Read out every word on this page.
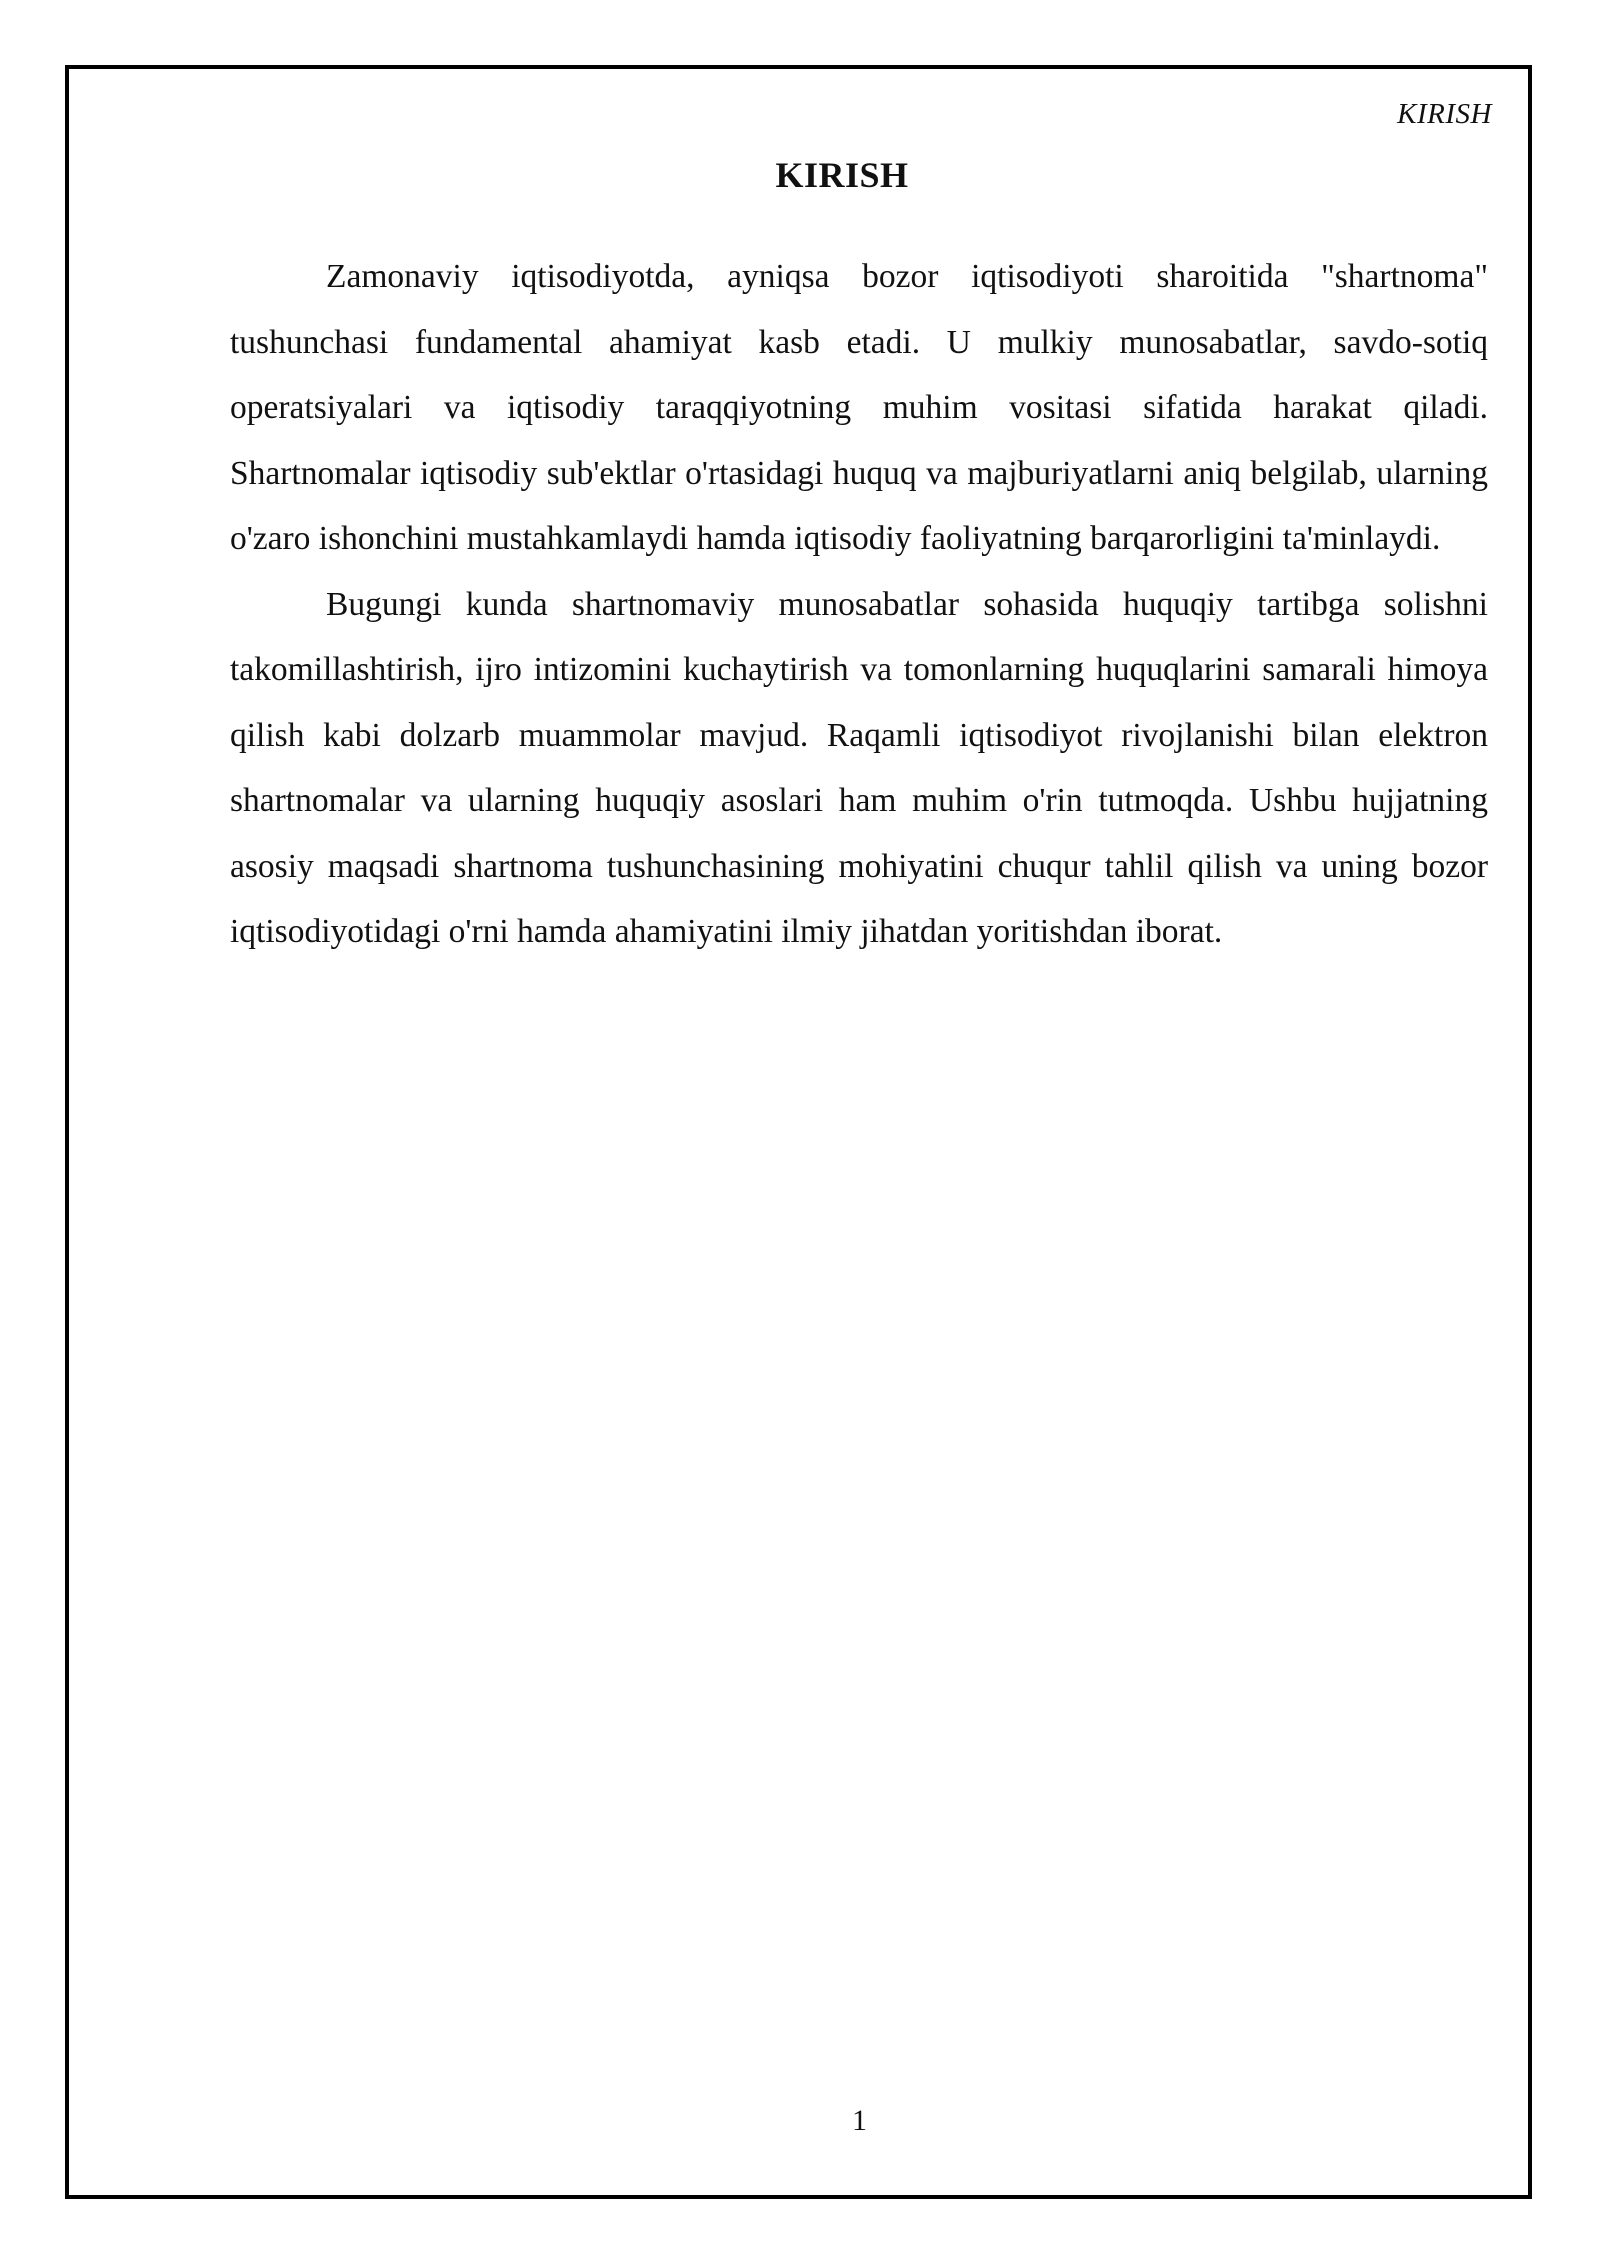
KIRISH
KIRISH

Zamonaviy iqtisodiyotda, ayniqsa bozor iqtisodiyoti sharoitida "shartnoma" tushunchasi fundamental ahamiyat kasb etadi. U mulkiy munosabatlar, savdo-sotiq operatsiyalari va iqtisodiy taraqqiyotning muhim vositasi sifatida harakat qiladi. Shartnomalar iqtisodiy sub'ektlar o'rtasidagi huquq va majburiyatlarni aniq belgilab, ularning o'zaro ishonchini mustahkamlaydi hamda iqtisodiy faoliyatning barqarorligini ta'minlaydi.

Bugungi kunda shartnomaviy munosabatlar sohasida huquqiy tartibga solishni takomillashtirish, ijro intizomini kuchaytirish va tomonlarning huquqlarini samarali himoya qilish kabi dolzarb muammolar mavjud. Raqamli iqtisodiyot rivojlanishi bilan elektron shartnomalar va ularning huquqiy asoslari ham muhim o'rin tutmoqda. Ushbu hujjatning asosiy maqsadi shartnoma tushunchasining mohiyatini chuqur tahlil qilish va uning bozor iqtisodiyotidagi o'rni hamda ahamiyatini ilmiy jihatdan yoritishdan iborat.

1
